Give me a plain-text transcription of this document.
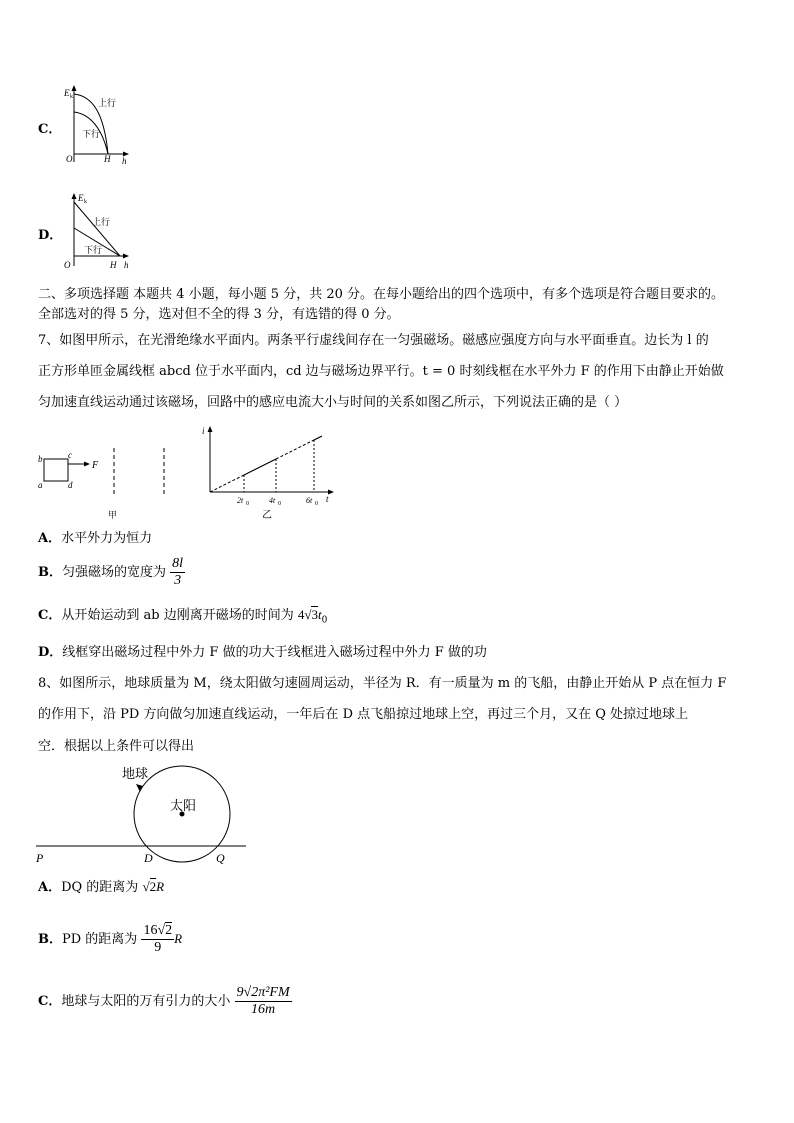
C．
E k
上行
下行
O	H h
D．
E k
上行
下行
O	H h
二、多项选择题 本题共 4 小题，每小题 5 分，共 20 分。在每小题给出的四个选项中，有多个选项是符合题目要求的。
全部选对的得 5 分，选对但不全的得 3 分，有选错的得 0 分。
7、如图甲所示，在光滑绝缘水平面内。两条平行虚线间存在一匀强磁场。磁感应强度方向与水平面垂直。边长为 l 的
正方形单匝金属线框 abcd 位于水平面内，cd 边与磁场边界平行。t = 0 时刻线框在水平外力 F 的作用下由静止开始做
匀加速直线运动通过该磁场，回路中的感应电流大小与时间的关系如图乙所示，下列说法正确的是（ ）
b	c
a	d
F
甲
i
t
2t 0	4t 0	6t 0
乙
A．水平外力为恒力
B．匀强磁场的宽度为 $\frac{8l}{3}$
C．从开始运动到 ab 边刚离开磁场的时间为 $4√3t_0$
D．线框穿出磁场过程中外力 F 做的功大于线框进入磁场过程中外力 F 做的功
8、如图所示，地球质量为 M，绕太阳做匀速圆周运动，半径为 R．有一质量为 m 的飞船，由静止开始从 P 点在恒力 F
的作用下，沿 PD 方向做匀加速直线运动，一年后在 D 点飞船掠过地球上空，再过三个月，又在 Q 处掠过地球上
空．根据以上条件可以得出
地球
太阳
P	D	Q
A．DQ 的距离为 √2R
B．PD 的距离为 $\frac{16√2}{9}$ R
C．地球与太阳的万有引力的大小 $\frac{\text{9√2π²FM}}{16m}$
